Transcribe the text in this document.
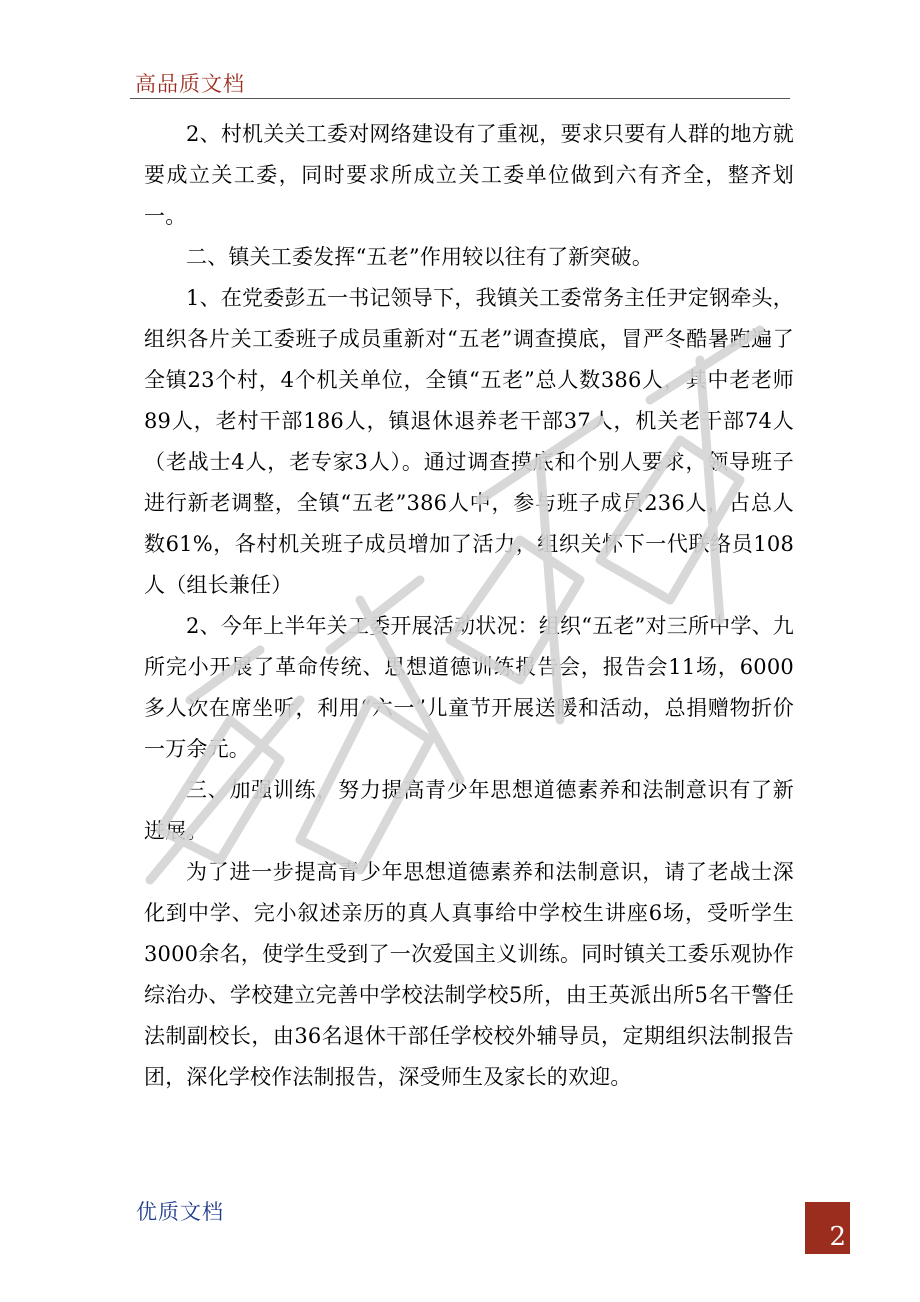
高品质文档

2、村机关关工委对网络建设有了重视，要求只要有人群的地方就要成立关工委，同时要求所成立关工委单位做到六有齐全，整齐划一。

二、镇关工委发挥“五老”作用较以往有了新突破。

1、在党委彭五一书记领导下，我镇关工委常务主任尹定钢牵头，组织各片关工委班子成员重新对“五老”调查摸底，冒严冬酷暑跑遍了全镇23个村，4个机关单位，全镇“五老”总人数386人，其中老老师89人，老村干部186人，镇退休退养老干部37人，机关老干部74人（老战士4人，老专家3人）。通过调查摸底和个别人要求，领导班子进行新老调整，全镇“五老”386人中，参与班子成员236人，占总人数61%，各村机关班子成员增加了活力，组织关怀下一代联络员108人（组长兼任）

2、今年上半年关工委开展活动状况：组织“五老”对三所中学、九所完小开展了革命传统、思想道德训练报告会，报告会11场，6000多人次在席坐听，利用“六一”儿童节开展送暖和活动，总捐赠物折价一万余元。

三、加强训练，努力提高青少年思想道德素养和法制意识有了新进展。

为了进一步提高青少年思想道德素养和法制意识，请了老战士深化到中学、完小叙述亲历的真人真事给中学校生讲座6场，受听学生3000余名，使学生受到了一次爱国主义训练。同时镇关工委乐观协作综治办、学校建立完善中学校法制学校5所，由王英派出所5名干警任法制副校长，由36名退休干部任学校校外辅导员，定期组织法制报告团，深化学校作法制报告，深受师生及家长的欢迎。

优质文档
2
